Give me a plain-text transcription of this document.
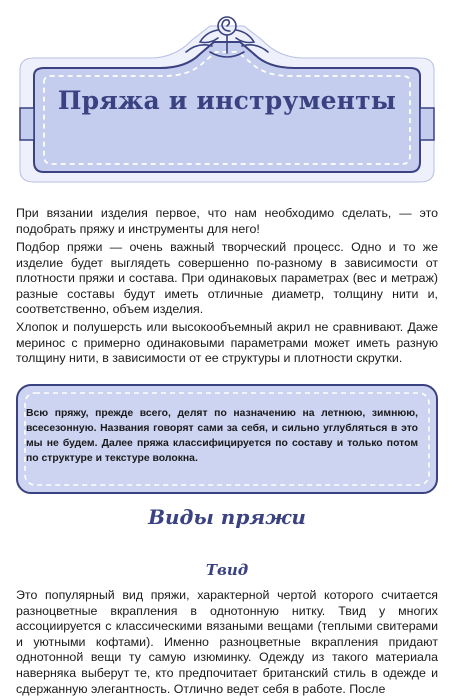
Пряжа и инструменты

При вязании изделия первое, что нам необходимо сделать, — это подобрать пряжу и инструменты для него!

Подбор пряжи — очень важный творческий процесс. Одно и то же изделие будет выглядеть совершенно по-разному в зависимости от плотности пряжи и состава. При одинаковых параметрах (вес и метраж) разные составы будут иметь отличные диаметр, толщину нити и, соответственно, объем изделия.

Хлопок и полушерсть или высокообъемный акрил не сравнивают. Даже меринос с примерно одинаковыми параметрами может иметь разную толщину нити, в зависимости от ее структуры и плотности скрутки.

Всю пряжу, прежде всего, делят по назначению на летнюю, зимнюю, всесезонную. Названия говорят сами за себя, и сильно углубляться в это мы не будем. Далее пряжа классифицируется по составу и только потом по структуре и текстуре волокна.

Виды пряжи
Твид

Это популярный вид пряжи, характерной чертой которого считается разноцветные вкрапления в однотонную нитку. Твид у многих ассоциируется с классическими вязаными вещами (теплыми свитерами и уютными кофтами). Именно разноцветные вкрапления придают однотонной вещи ту самую изюминку. Одежду из такого материала наверняка выберут те, кто предпочитает британский стиль в одежде и сдержанную элегантность. Отлично ведет себя в работе. После
